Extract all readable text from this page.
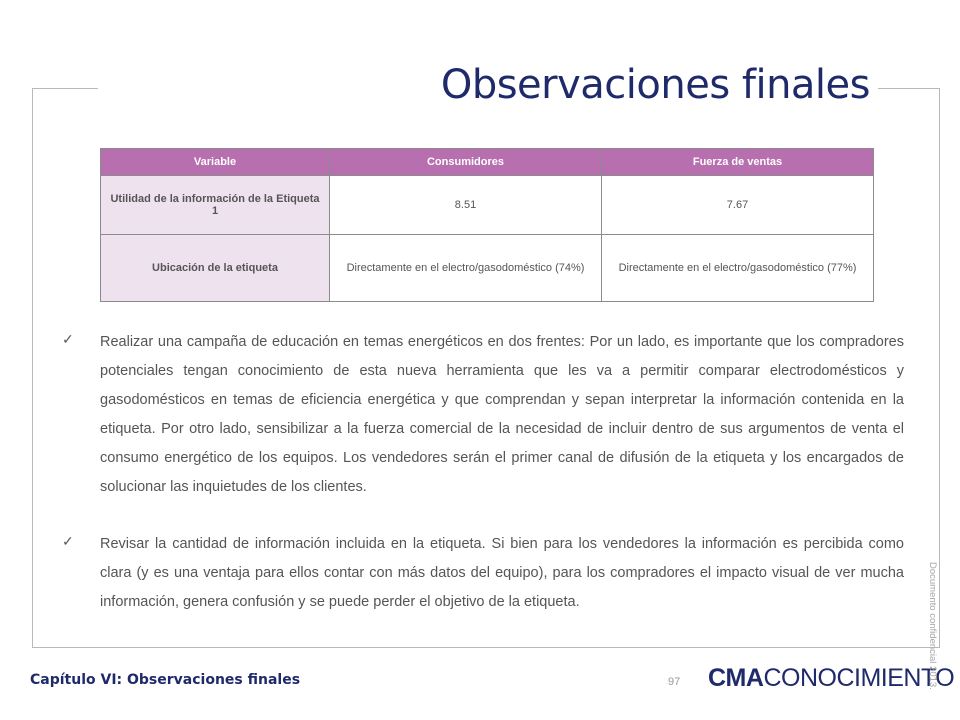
Observaciones finales
Variable	Consumidores	Fuerza de ventas
Utilidad de la información de la Etiqueta 1	8.51	7.67
Ubicación de la etiqueta	Directamente en el electro/gasodoméstico (74%)	Directamente en el electro/gasodoméstico (77%)
✓	Realizar una campaña de educación en temas energéticos en dos frentes: Por un lado, es importante que los compradores potenciales tengan conocimiento de esta nueva herramienta que les va a permitir comparar electrodomésticos y gasodomésticos en temas de eficiencia energética y que comprendan y sepan interpretar la información contenida en la etiqueta. Por otro lado, sensibilizar a la fuerza comercial de la necesidad de incluir dentro de sus argumentos de venta el consumo energético de los equipos. Los vendedores serán el primer canal de difusión de la etiqueta y los encargados de solucionar las inquietudes de los clientes.
✓	Revisar la cantidad de información incluida en la etiqueta. Si bien para los vendedores la información es percibida como clara (y es una ventaja para ellos contar con más datos del equipo), para los compradores el impacto visual de ver mucha información, genera confusión y se puede perder el objetivo de la etiqueta.
Capítulo VI: Observaciones finales	97 CMACONOCIMIENTO
Documento confidencial 2013.
